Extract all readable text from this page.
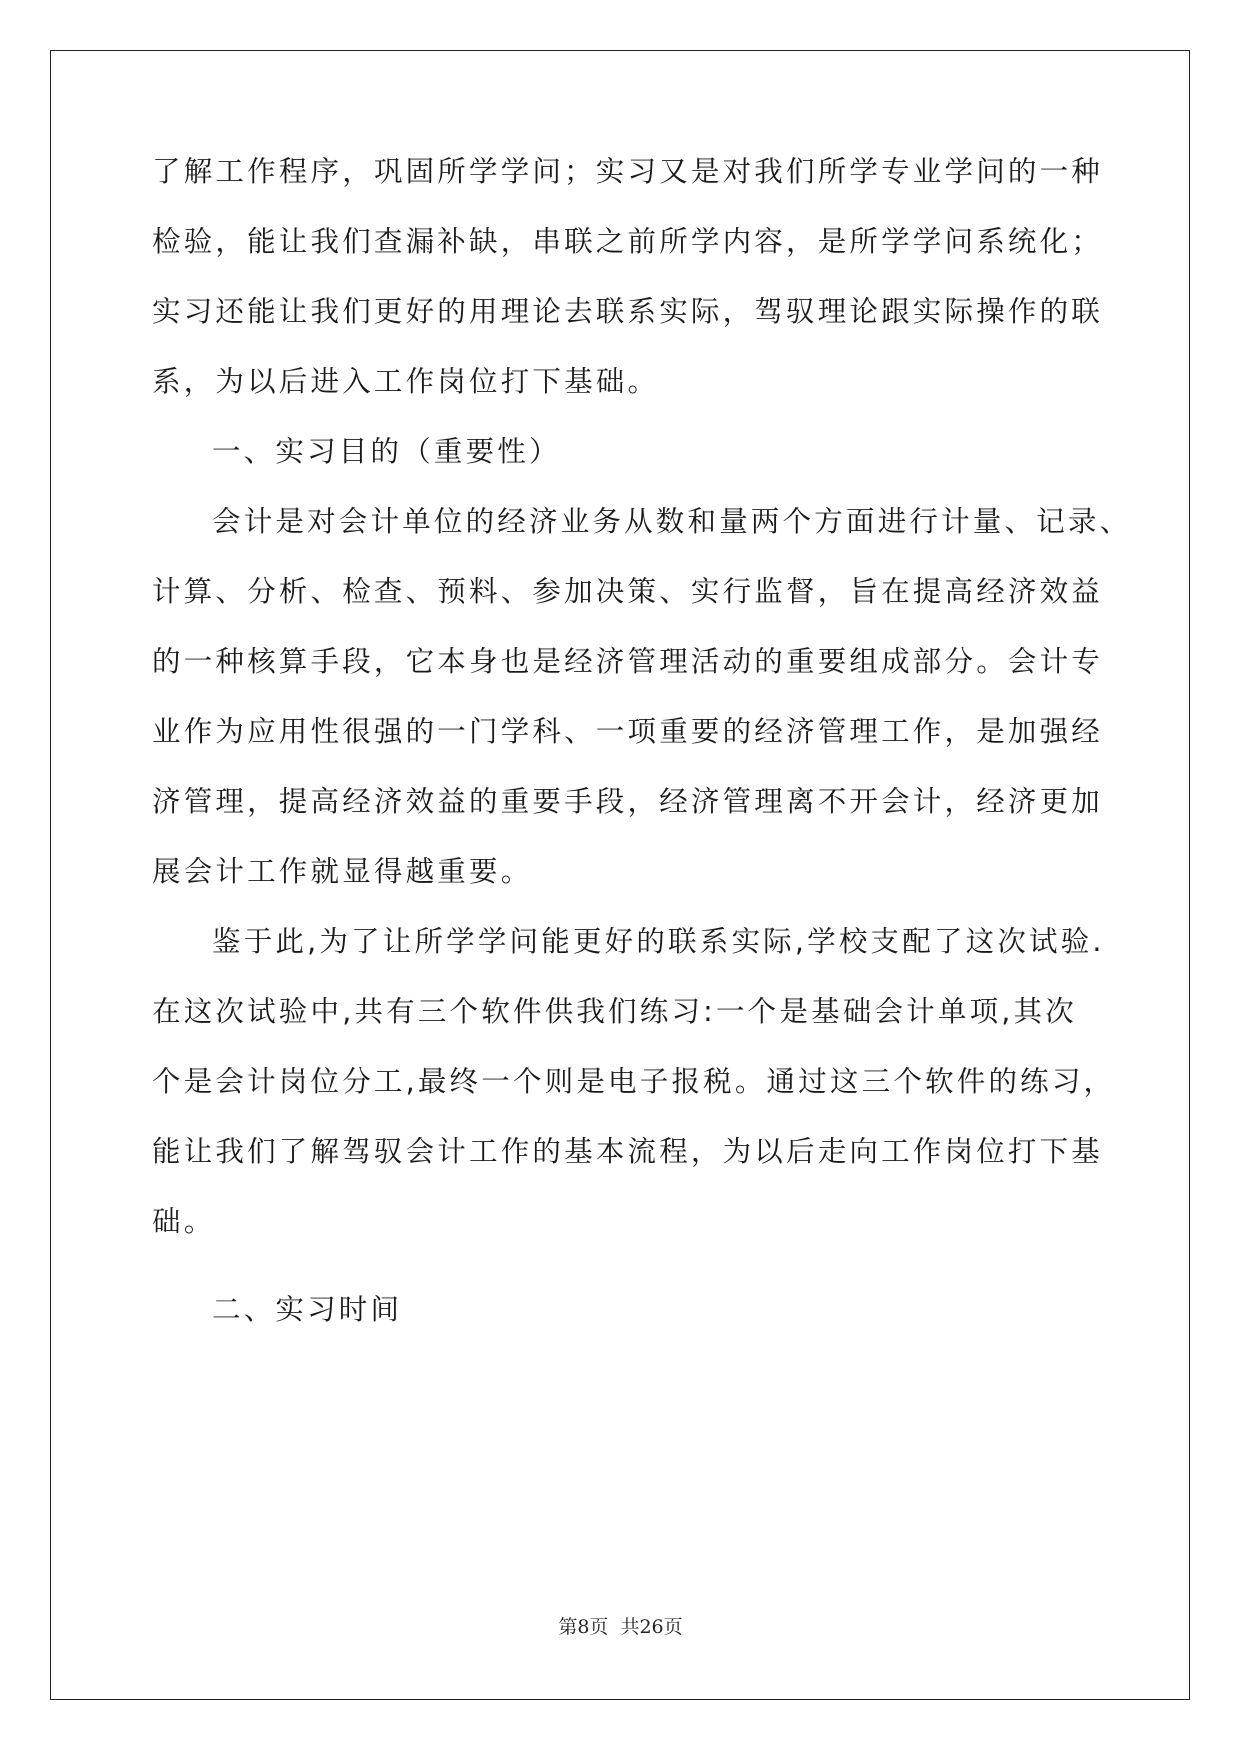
了解工作程序，巩固所学学问；实习又是对我们所学专业学问的一种
检验，能让我们查漏补缺，串联之前所学内容，是所学学问系统化；
实习还能让我们更好的用理论去联系实际，驾驭理论跟实际操作的联
系，为以后进入工作岗位打下基础。
一、实习目的（重要性）
会计是对会计单位的经济业务从数和量两个方面进行计量、记录、
计算、分析、检查、预料、参加决策、实行监督，旨在提高经济效益
的一种核算手段，它本身也是经济管理活动的重要组成部分。会计专
业作为应用性很强的一门学科、一项重要的经济管理工作，是加强经
济管理，提高经济效益的重要手段，经济管理离不开会计，经济更加
展会计工作就显得越重要。
鉴于此,为了让所学学问能更好的联系实际,学校支配了这次试验.
在这次试验中,共有三个软件供我们练习:一个是基础会计单项,其次
个是会计岗位分工,最终一个则是电子报税。通过这三个软件的练习，
能让我们了解驾驭会计工作的基本流程，为以后走向工作岗位打下基
础。
二、实习时间
第8页 共26页
